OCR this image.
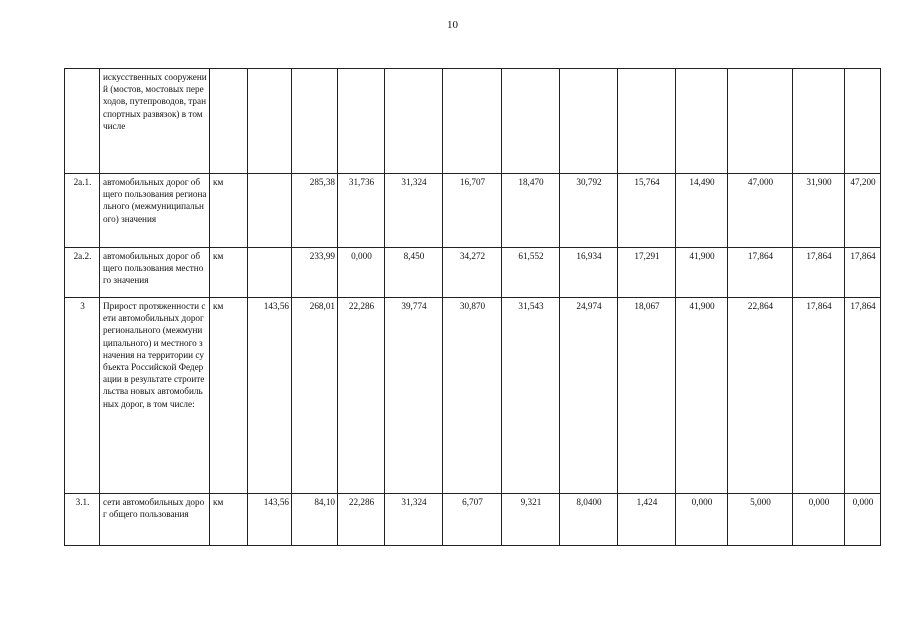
10
	искусственных сооружений (мостов, мостовых переходов, путепроводов, транспортных развязок) в том числе													
2а.1.	автомобильных дорог общего пользования регионального (межмуниципального) значения	км		285,38	31,736	31,324	16,707	18,470	30,792	15,764	14,490	47,000	31,900	47,200
2а.2.	автомобильных дорог общего пользования местного значения	км		233,99	0,000	8,450	34,272	61,552	16,934	17,291	41,900	17,864	17,864	17,864
3	Прирост протяженности сети автомобильных дорог регионального (межмуниципального) и местного значения на территории субъекта Российской Федерации в результате строительства новых автомобильных дорог, в том числе:	км	143,56	268,01	22,286	39,774	30,870	31,543	24,974	18,067	41,900	22,864	17,864	17,864
3.1.	сети автомобильных дорог общего пользования	км	143,56	84,10	22,286	31,324	6,707	9,321	8,0400	1,424	0,000	5,000	0,000	0,000
